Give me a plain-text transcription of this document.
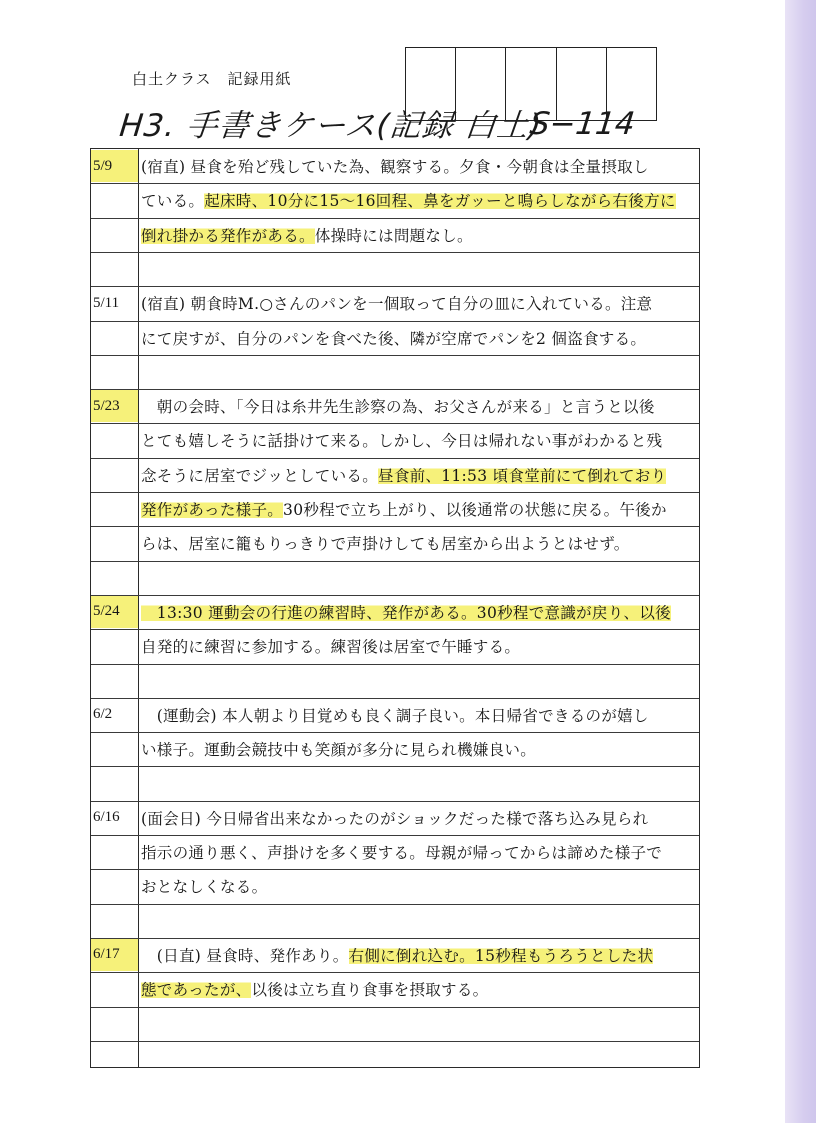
白土クラス　記録用紙
H3. 手書きケース(記録 白土)
S−114
5/9	(宿直) 昼食を殆ど残していた為、観察する。夕食・今朝食は全量摂取し
ている。 起床時、10分に15〜16回程、鼻をガッーと鳴らしながら右後方に
倒れ掛かる発作がある。 体操時には問題なし。
5/11	(宿直) 朝食時M.○さんのパンを一個取って自分の皿に入れている。注意
にて戻すが、自分のパンを食べた後、隣が空席でパンを2 個盗食する。
5/23	　朝の会時、「今日は糸井先生診察の為、お父さんが来る」と言うと以後
とても嬉しそうに話掛けて来る。しかし、今日は帰れない事がわかると残
念そうに居室でジッとしている。 昼食前、11:53 頃食堂前にて倒れており
発作があった様子。 30秒程で立ち上がり、以後通常の状態に戻る。午後か
らは、居室に籠もりっきりで声掛けしても居室から出ようとはせず。
5/24	　13:30 運動会の行進の練習時、発作がある。30秒程で意識が戻り、以後
自発的に練習に参加する。練習後は居室で午睡する。
6/2	　(運動会) 本人朝より目覚めも良く調子良い。本日帰省できるのが嬉し
い様子。運動会競技中も笑顔が多分に見られ機嫌良い。
6/16	(面会日) 今日帰省出来なかったのがショックだった様で落ち込み見られ
指示の通り悪く、声掛けを多く要する。母親が帰ってからは諦めた様子で
おとなしくなる。
6/17	　(日直) 昼食時、発作あり。 右側に倒れ込む。15秒程もうろうとした状
態であったが、 以後は立ち直り食事を摂取する。
